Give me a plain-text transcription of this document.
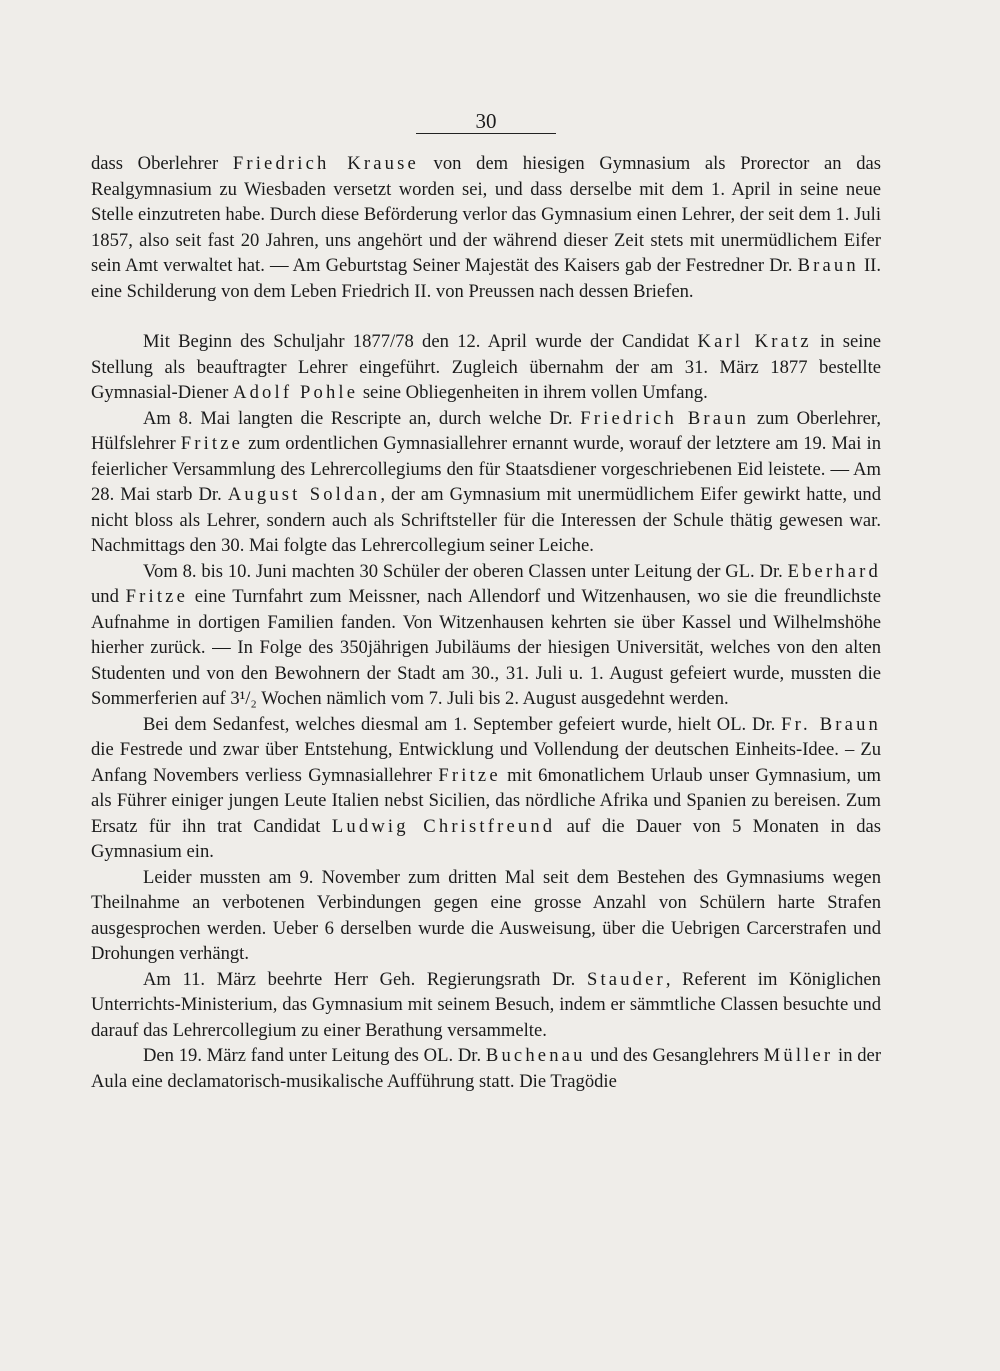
30

dass Oberlehrer Friedrich Krause von dem hiesigen Gymnasium als Prorector an das Realgymnasium zu Wiesbaden versetzt worden sei, und dass derselbe mit dem 1. April in seine neue Stelle einzutreten habe. Durch diese Beförderung verlor das Gymnasium einen Lehrer, der seit dem 1. Juli 1857, also seit fast 20 Jahren, uns angehört und der während dieser Zeit stets mit unermüdlichem Eifer sein Amt verwaltet hat. — Am Geburtstag Seiner Majestät des Kaisers gab der Festredner Dr. Braun II. eine Schilderung von dem Leben Friedrich II. von Preussen nach dessen Briefen.

Mit Beginn des Schuljahr 1877/78 den 12. April wurde der Candidat Karl Kratz in seine Stellung als beauftragter Lehrer eingeführt. Zugleich übernahm der am 31. März 1877 bestellte Gymnasial-Diener Adolf Pohle seine Obliegenheiten in ihrem vollen Umfang.

Am 8. Mai langten die Rescripte an, durch welche Dr. Friedrich Braun zum Oberlehrer, Hülfslehrer Fritze zum ordentlichen Gymnasiallehrer ernannt wurde, worauf der letztere am 19. Mai in feierlicher Versammlung des Lehrercollegiums den für Staatsdiener vorgeschriebenen Eid leistete. — Am 28. Mai starb Dr. August Soldan, der am Gymnasium mit unermüdlichem Eifer gewirkt hatte, und nicht bloss als Lehrer, sondern auch als Schriftsteller für die Interessen der Schule thätig gewesen war. Nachmittags den 30. Mai folgte das Lehrercollegium seiner Leiche.

Vom 8. bis 10. Juni machten 30 Schüler der oberen Classen unter Leitung der GL. Dr. Eberhard und Fritze eine Turnfahrt zum Meissner, nach Allendorf und Witzenhausen, wo sie die freundlichste Aufnahme in dortigen Familien fanden. Von Witzenhausen kehrten sie über Kassel und Wilhelmshöhe hierher zurück. — In Folge des 350jährigen Jubiläums der hiesigen Universität, welches von den alten Studenten und von den Bewohnern der Stadt am 30., 31. Juli u. 1. August gefeiert wurde, mussten die Sommerferien auf 3¹/₂ Wochen nämlich vom 7. Juli bis 2. August ausgedehnt werden.

Bei dem Sedanfest, welches diesmal am 1. September gefeiert wurde, hielt OL. Dr. Fr. Braun die Festrede und zwar über Entstehung, Entwicklung und Vollendung der deutschen Einheits-Idee. – Zu Anfang Novembers verliess Gymnasiallehrer Fritze mit 6monatlichem Urlaub unser Gymnasium, um als Führer einiger jungen Leute Italien nebst Sicilien, das nördliche Afrika und Spanien zu bereisen. Zum Ersatz für ihn trat Candidat Ludwig Christfreund auf die Dauer von 5 Monaten in das Gymnasium ein.

Leider mussten am 9. November zum dritten Mal seit dem Bestehen des Gymnasiums wegen Theilnahme an verbotenen Verbindungen gegen eine grosse Anzahl von Schülern harte Strafen ausgesprochen werden. Ueber 6 derselben wurde die Ausweisung, über die Uebrigen Carcerstrafen und Drohungen verhängt.

Am 11. März beehrte Herr Geh. Regierungsrath Dr. Stauder, Referent im Königlichen Unterrichts-Ministerium, das Gymnasium mit seinem Besuch, indem er sämmtliche Classen besuchte und darauf das Lehrercollegium zu einer Berathung versammelte.

Den 19. März fand unter Leitung des OL. Dr. Buchenau und des Gesanglehrers Müller in der Aula eine declamatorisch-musikalische Aufführung statt. Die Tragödie
